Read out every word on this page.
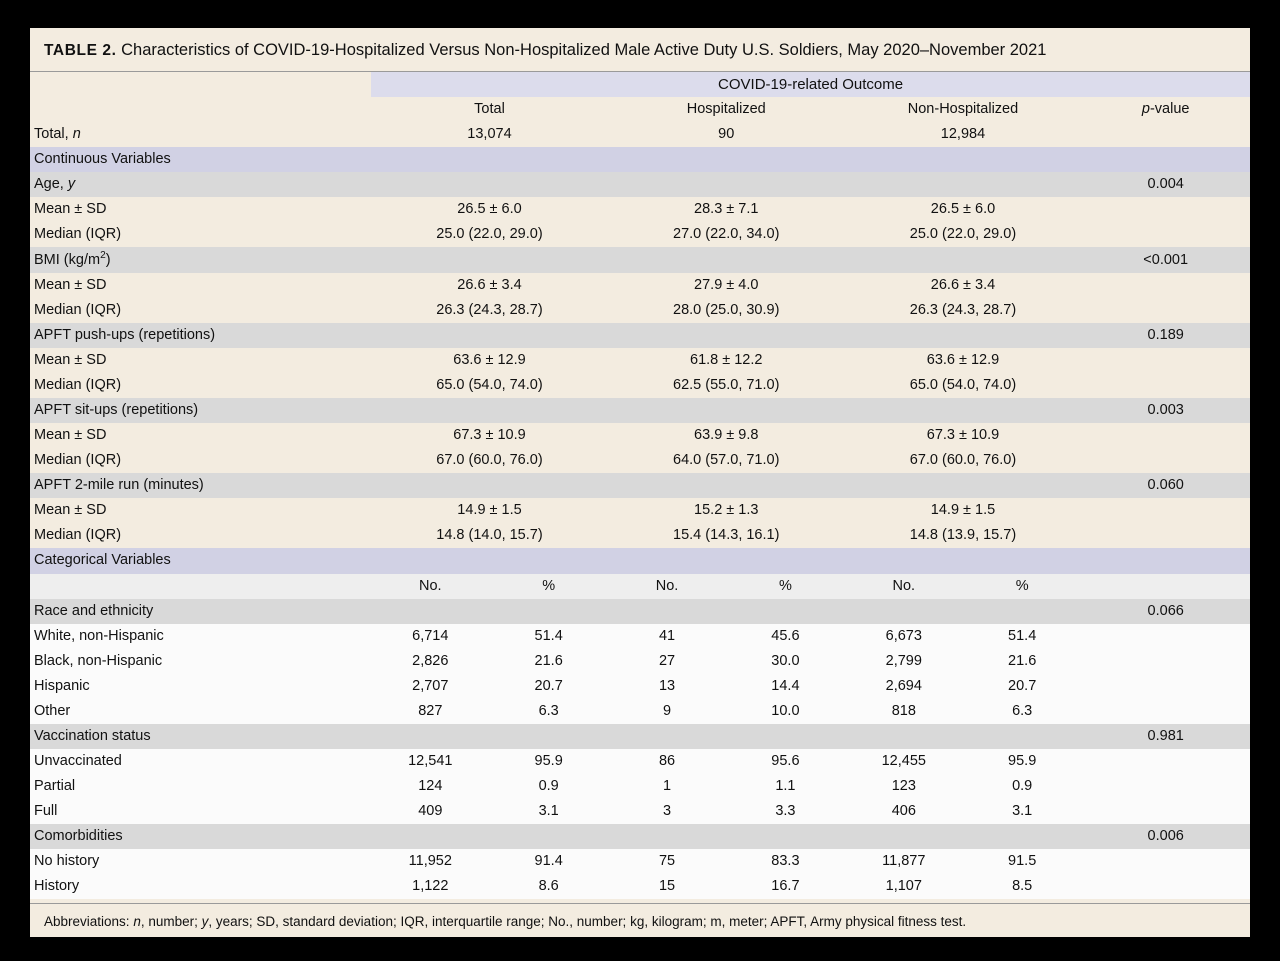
TABLE 2. Characteristics of COVID-19-Hospitalized Versus Non-Hospitalized Male Active Duty U.S. Soldiers, May 2020–November 2021
	COVID-19-related Outcome						
	Total		Hospitalized		Non-Hospitalized		p-value
Total, n	13,074		90		12,984		
Continuous Variables							
Age, y							0.004
Mean ± SD	26.5 ± 6.0		28.3 ± 7.1		26.5 ± 6.0		
Median (IQR)	25.0 (22.0, 29.0)		27.0 (22.0, 34.0)		25.0 (22.0, 29.0)		
BMI $(kg/m^2)$							<0.001
Mean ± SD	26.6 ± 3.4		27.9 ± 4.0		26.6 ± 3.4		
Median (IQR)	26.3 (24.3, 28.7)		28.0 (25.0, 30.9)		26.3 (24.3, 28.7)		
APFT push-ups (repetitions)							0.189
Mean ± SD	63.6 ± 12.9		61.8 ± 12.2		63.6 ± 12.9		
Median (IQR)	65.0 (54.0, 74.0)		62.5 (55.0, 71.0)		65.0 (54.0, 74.0)		
APFT sit-ups (repetitions)							0.003
Mean ± SD	67.3 ± 10.9		63.9 ± 9.8		67.3 ± 10.9		
Median (IQR)	67.0 (60.0, 76.0)		64.0 (57.0, 71.0)		67.0 (60.0, 76.0)		
APFT 2-mile run (minutes)							0.060
Mean ± SD	14.9 ± 1.5		15.2 ± 1.3		14.9 ± 1.5		
Median (IQR)	14.8 (14.0, 15.7)		15.4 (14.3, 16.1)		14.8 (13.9, 15.7)		
Categorical Variables							
	No.	%	No.	%	No.	%	
Race and ethnicity							0.066
White, non-Hispanic	6,714	51.4	41	45.6	6,673	51.4	
Black, non-Hispanic	2,826	21.6	27	30.0	2,799	21.6	
Hispanic	2,707	20.7	13	14.4	2,694	20.7	
Other	827	6.3	9	10.0	818	6.3	
Vaccination status							0.981
Unvaccinated	12,541	95.9	86	95.6	12,455	95.9	
Partial	124	0.9	1	1.1	123	0.9	
Full	409	3.1	3	3.3	406	3.1	
Comorbidities							0.006
No history	11,952	91.4	75	83.3	11,877	91.5	
History	1,122	8.6	15	16.7	1,107	8.5	
Abbreviations: n, number; y, years; SD, standard deviation; IQR, interquartile range; No., number; kg, kilogram; m, meter; APFT, Army physical fitness test.
